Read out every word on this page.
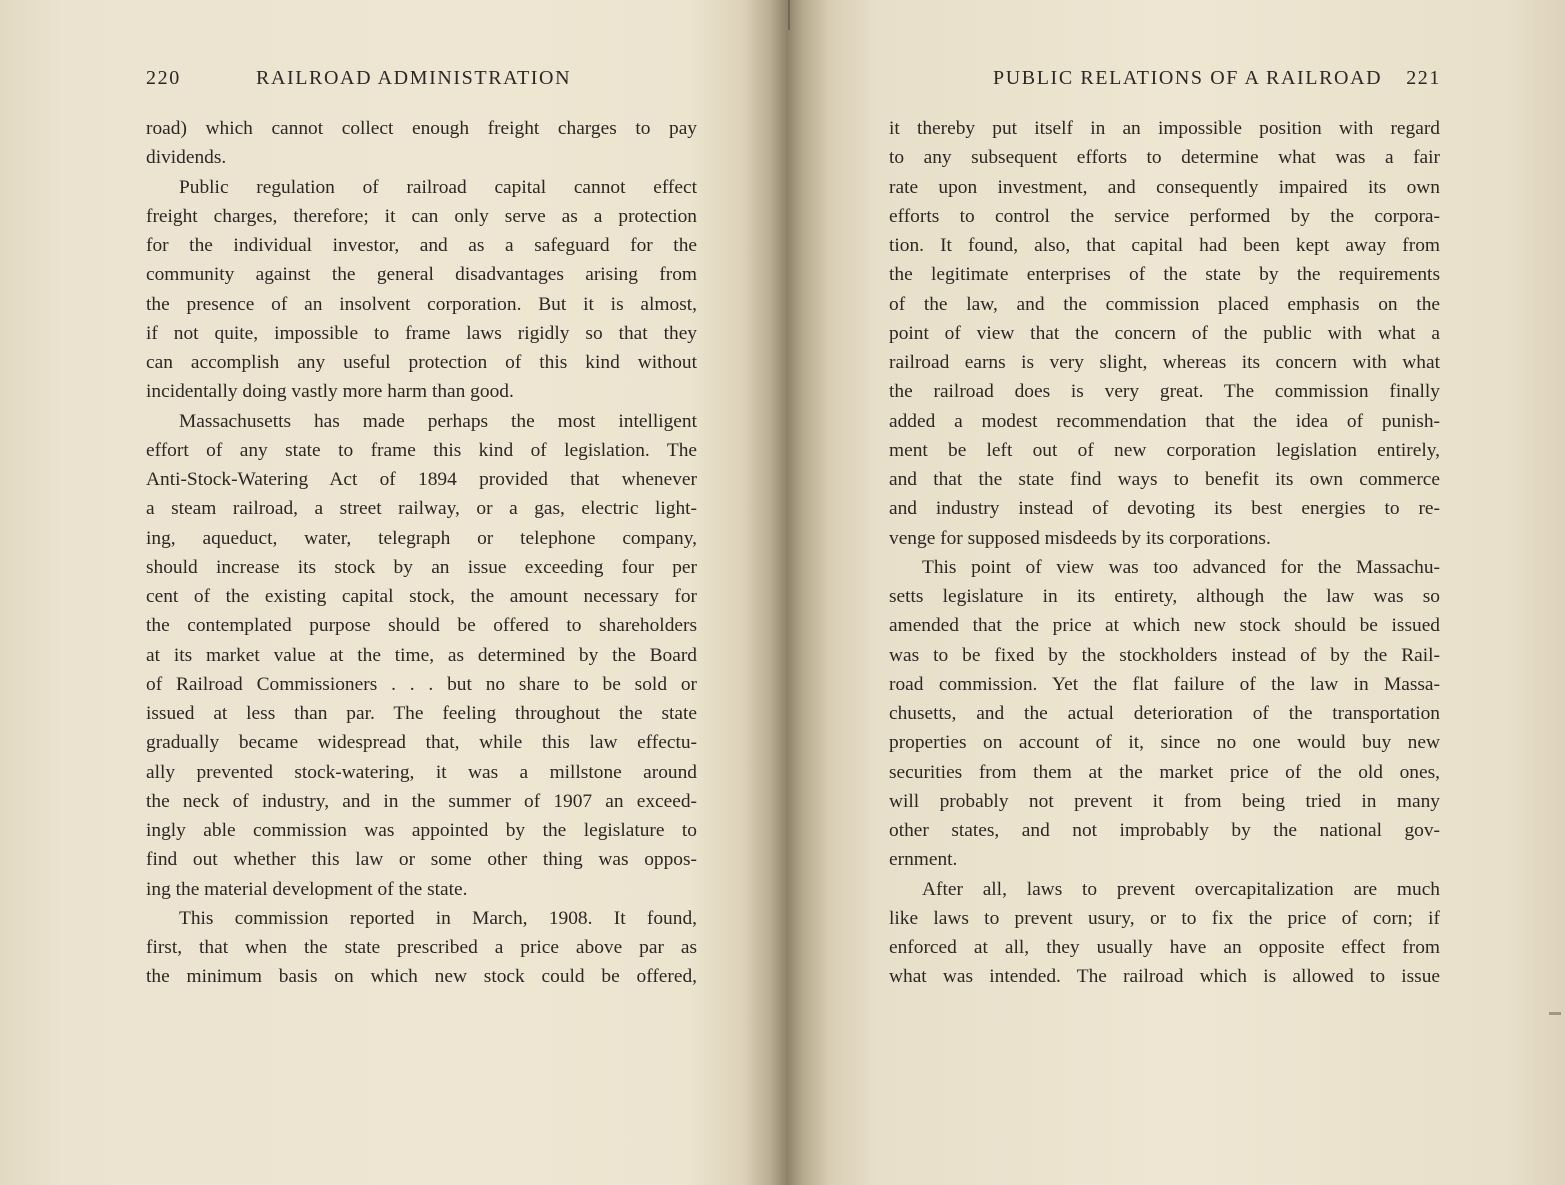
220	RAILROAD ADMINISTRATION
road) which cannot collect enough freight charges to pay
dividends.
Public regulation of railroad capital cannot effect
freight charges, therefore; it can only serve as a protection
for the individual investor, and as a safeguard for the
community against the general disadvantages arising from
the presence of an insolvent corporation. But it is almost,
if not quite, impossible to frame laws rigidly so that they
can accomplish any useful protection of this kind without
incidentally doing vastly more harm than good.
Massachusetts has made perhaps the most intelligent
effort of any state to frame this kind of legislation. The
Anti-Stock-Watering Act of 1894 provided that whenever
a steam railroad, a street railway, or a gas, electric light-
ing, aqueduct, water, telegraph or telephone company,
should increase its stock by an issue exceeding four per
cent of the existing capital stock, the amount necessary for
the contemplated purpose should be offered to shareholders
at its market value at the time, as determined by the Board
of Railroad Commissioners . . . but no share to be sold or
issued at less than par. The feeling throughout the state
gradually became widespread that, while this law effectu-
ally prevented stock-watering, it was a millstone around
the neck of industry, and in the summer of 1907 an exceed-
ingly able commission was appointed by the legislature to
find out whether this law or some other thing was oppos-
ing the material development of the state.
This commission reported in March, 1908. It found,
first, that when the state prescribed a price above par as
the minimum basis on which new stock could be offered,
PUBLIC RELATIONS OF A RAILROAD 221
it thereby put itself in an impossible position with regard
to any subsequent efforts to determine what was a fair
rate upon investment, and consequently impaired its own
efforts to control the service performed by the corpora-
tion. It found, also, that capital had been kept away from
the legitimate enterprises of the state by the requirements
of the law, and the commission placed emphasis on the
point of view that the concern of the public with what a
railroad earns is very slight, whereas its concern with what
the railroad does is very great. The commission finally
added a modest recommendation that the idea of punish-
ment be left out of new corporation legislation entirely,
and that the state find ways to benefit its own commerce
and industry instead of devoting its best energies to re-
venge for supposed misdeeds by its corporations.
This point of view was too advanced for the Massachu-
setts legislature in its entirety, although the law was so
amended that the price at which new stock should be issued
was to be fixed by the stockholders instead of by the Rail-
road commission. Yet the flat failure of the law in Massa-
chusetts, and the actual deterioration of the transportation
properties on account of it, since no one would buy new
securities from them at the market price of the old ones,
will probably not prevent it from being tried in many
other states, and not improbably by the national gov-
ernment.
After all, laws to prevent overcapitalization are much
like laws to prevent usury, or to fix the price of corn; if
enforced at all, they usually have an opposite effect from
what was intended. The railroad which is allowed to issue
